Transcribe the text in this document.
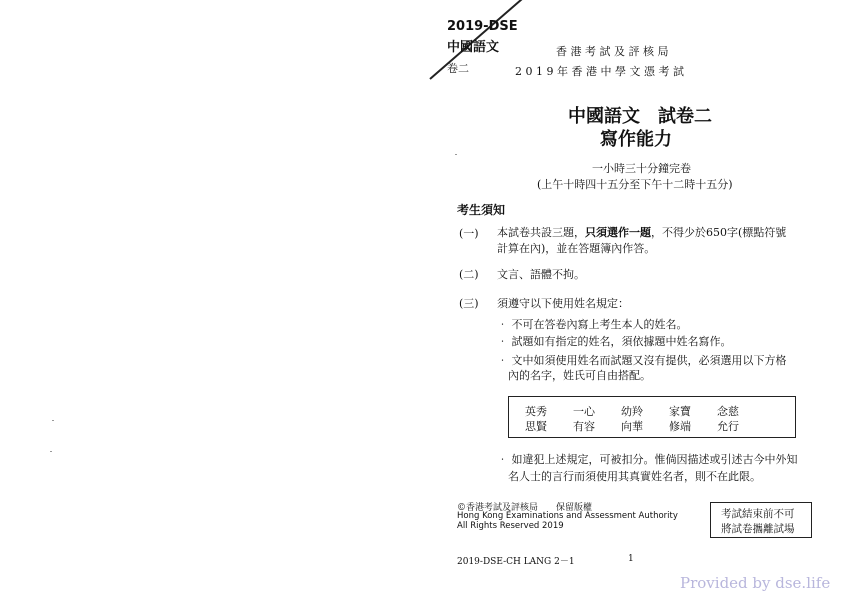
2019-DSE
中國語文
卷二
香 港 考 試 及 評 核 局
2 0 1 9 年 香 港 中 學 文 憑 考 試
中國語文　試卷二
寫作能力
一小時三十分鐘完卷
(上午十時四十五分至下午十二時十五分)
考生須知
(一) 本試卷共設三題，只須選作一題，不得少於650字(標點符號
計算在內)，並在答題簿內作答。
(二) 文言、語體不拘。
(三) 須遵守以下使用姓名規定：
‧ 不可在答卷內寫上考生本人的姓名。
‧ 試題如有指定的姓名，須依據題中姓名寫作。
‧ 文中如須使用姓名而試題又沒有提供，必須選用以下方格
內的名字，姓氏可自由搭配。
英秀
思賢
一心
有容
幼羚
向華
家寶
修端
念慈
允行
‧ 如違犯上述規定，可被扣分。惟倘因描述或引述古今中外知
名人士的言行而須使用其真實姓名者，則不在此限。
©香港考試及評核局　　保留版權
Hong Kong Examinations and Assessment Authority
All Rights Reserved 2019
考試結束前不可
將試卷攜離試場
2019-DSE-CH LANG 2－1	1
Provided by dse.life
